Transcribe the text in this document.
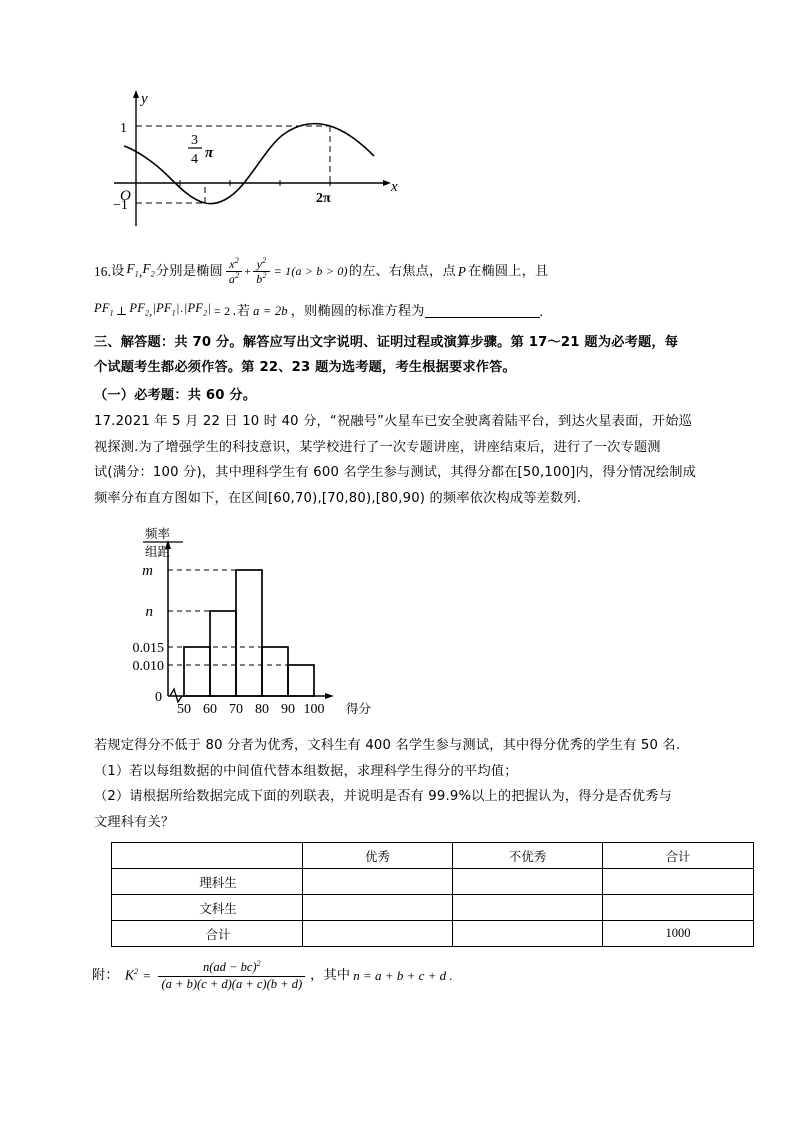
y
x
O
1
−1
3
4 π
2π
16. 设 $F_1$ , $F_2$ 分别是椭圆 $\frac{x^2}{a^2} + \frac{y^2}{b^2} = 1(a > b > 0)$ 的左、右焦点，点 P 在椭圆上，且
$PF_1$ ⊥ $PF_2$ , $|PF_1| \cdot |PF_2| = 2$ .若 a = 2b ，则椭圆的标准方程为	.
三、解答题：共 70 分。解答应写出文字说明、证明过程或演算步骤。第 17～21 题为必考题，每
个试题考生都必须作答。第 22、23 题为选考题，考生根据要求作答。
（一）必考题：共 60 分。
17.2021 年 5 月 22 日 10 时 40 分，“祝融号”火星车已安全驶离着陆平台，到达火星表面，开始巡
视探测.为了增强学生的科技意识，某学校进行了一次专题讲座，讲座结束后，进行了一次专题测
试(满分：100 分)，其中理科学生有 600 名学生参与测试，其得分都在[50,100]内，得分情况绘制成
频率分布直方图如下，在区间[60,70),[70,80),[80,90) 的频率依次构成等差数列.
频率
组距
m
n
0.015
0.010
0
50 60 70 80 90 100 得分
若规定得分不低于 80 分者为优秀，文科生有 400 名学生参与测试，其中得分优秀的学生有 50 名.
（1）若以每组数据的中间值代替本组数据，求理科学生得分的平均值；
（2）请根据所给数据完成下面的列联表，并说明是否有 99.9%以上的把握认为，得分是否优秀与
文理科有关？
	优秀	不优秀	合计
理科生			
文科生			
合计			1000
附： $K^2 = \frac{n(ad - bc)^2}{(a + b)(c + d)(a + c)(b + d)}$ ， 其中 n = a + b + c + d .
